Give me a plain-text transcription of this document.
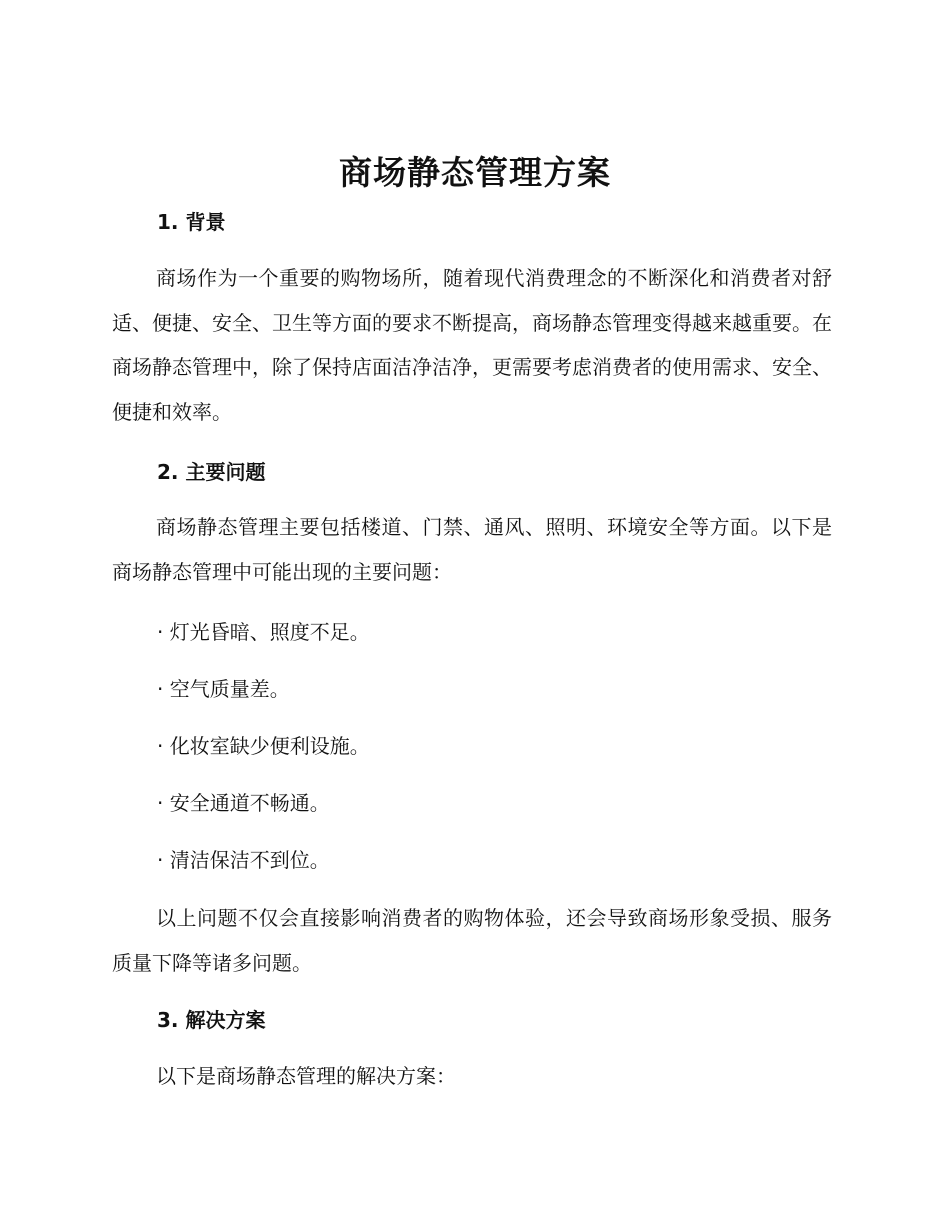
商场静态管理方案
1. 背景
商场作为一个重要的购物场所，随着现代消费理念的不断深化和消费者对舒适、便捷、安全、卫生等方面的要求不断提高，商场静态管理变得越来越重要。在商场静态管理中，除了保持店面洁净洁净，更需要考虑消费者的使用需求、安全、便捷和效率。
2. 主要问题
商场静态管理主要包括楼道、门禁、通风、照明、环境安全等方面。以下是商场静态管理中可能出现的主要问题：
· 灯光昏暗、照度不足。
· 空气质量差。
· 化妆室缺少便利设施。
· 安全通道不畅通。
· 清洁保洁不到位。
以上问题不仅会直接影响消费者的购物体验，还会导致商场形象受损、服务质量下降等诸多问题。
3. 解决方案
以下是商场静态管理的解决方案：
